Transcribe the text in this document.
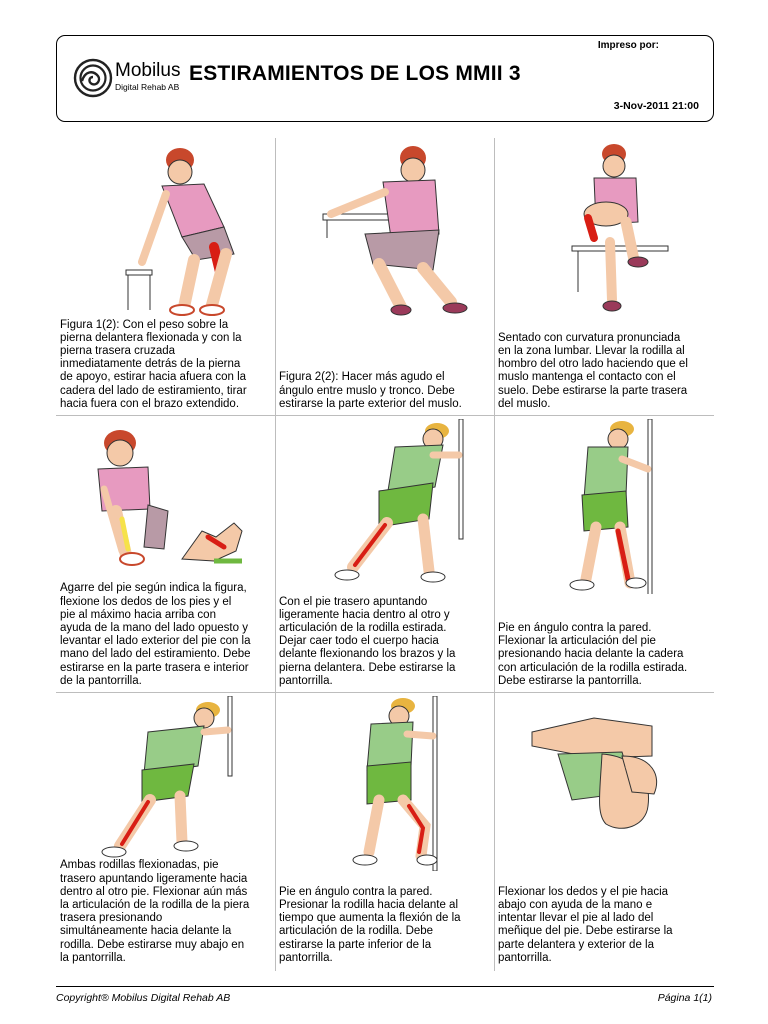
Impreso por:
Mobilus
Digital Rehab AB
ESTIRAMIENTOS DE LOS MMII 3
3-Nov-2011 21:00
Figura 1(2): Con el peso sobre la
pierna delantera flexionada y con la
pierna trasera cruzada
inmediatamente detrás de la pierna
de apoyo, estirar hacia afuera con la
cadera del lado de estiramiento, tirar
hacia fuera con el brazo extendido.
Figura 2(2): Hacer más agudo el
ángulo entre muslo y tronco. Debe
estirarse la parte exterior del muslo.
Sentado con curvatura pronunciada
en la zona lumbar. Llevar la rodilla al
hombro del otro lado haciendo que el
muslo mantenga el contacto con el
suelo. Debe estirarse la parte trasera
del muslo.
Agarre del pie según indica la figura,
flexione los dedos de los pies y el
pie al máximo hacia arriba con
ayuda de la mano del lado opuesto y
levantar el lado exterior del pie con la
mano del lado del estiramiento. Debe
estirarse en la parte trasera e interior
de la pantorrilla.
Con el pie trasero apuntando
ligeramente hacia dentro al otro y
articulación de la rodilla estirada.
Dejar caer todo el cuerpo hacia
delante flexionando los brazos y la
pierna delantera. Debe estirarse la
pantorrilla.
Pie en ángulo contra la pared.
Flexionar la articulación del pie
presionando hacia delante la cadera
con articulación de la rodilla estirada.
Debe estirarse la pantorrilla.
Ambas rodillas flexionadas, pie
trasero apuntando ligeramente hacia
dentro al otro pie. Flexionar aún más
la articulación de la rodilla de la piera
trasera presionando
simultáneamente hacia delante la
rodilla. Debe estirarse muy abajo en
la pantorrilla.
Pie en ángulo contra la pared.
Presionar la rodilla hacia delante al
tiempo que aumenta la flexión de la
articulación de la rodilla. Debe
estirarse la parte inferior de la
pantorrilla.
Flexionar los dedos y el pie hacia
abajo con ayuda de la mano e
intentar llevar el pie al lado del
meñique del pie. Debe estirarse la
parte delantera y exterior de la
pantorrilla.
Copyright® Mobilus Digital Rehab AB	Página 1(1)
